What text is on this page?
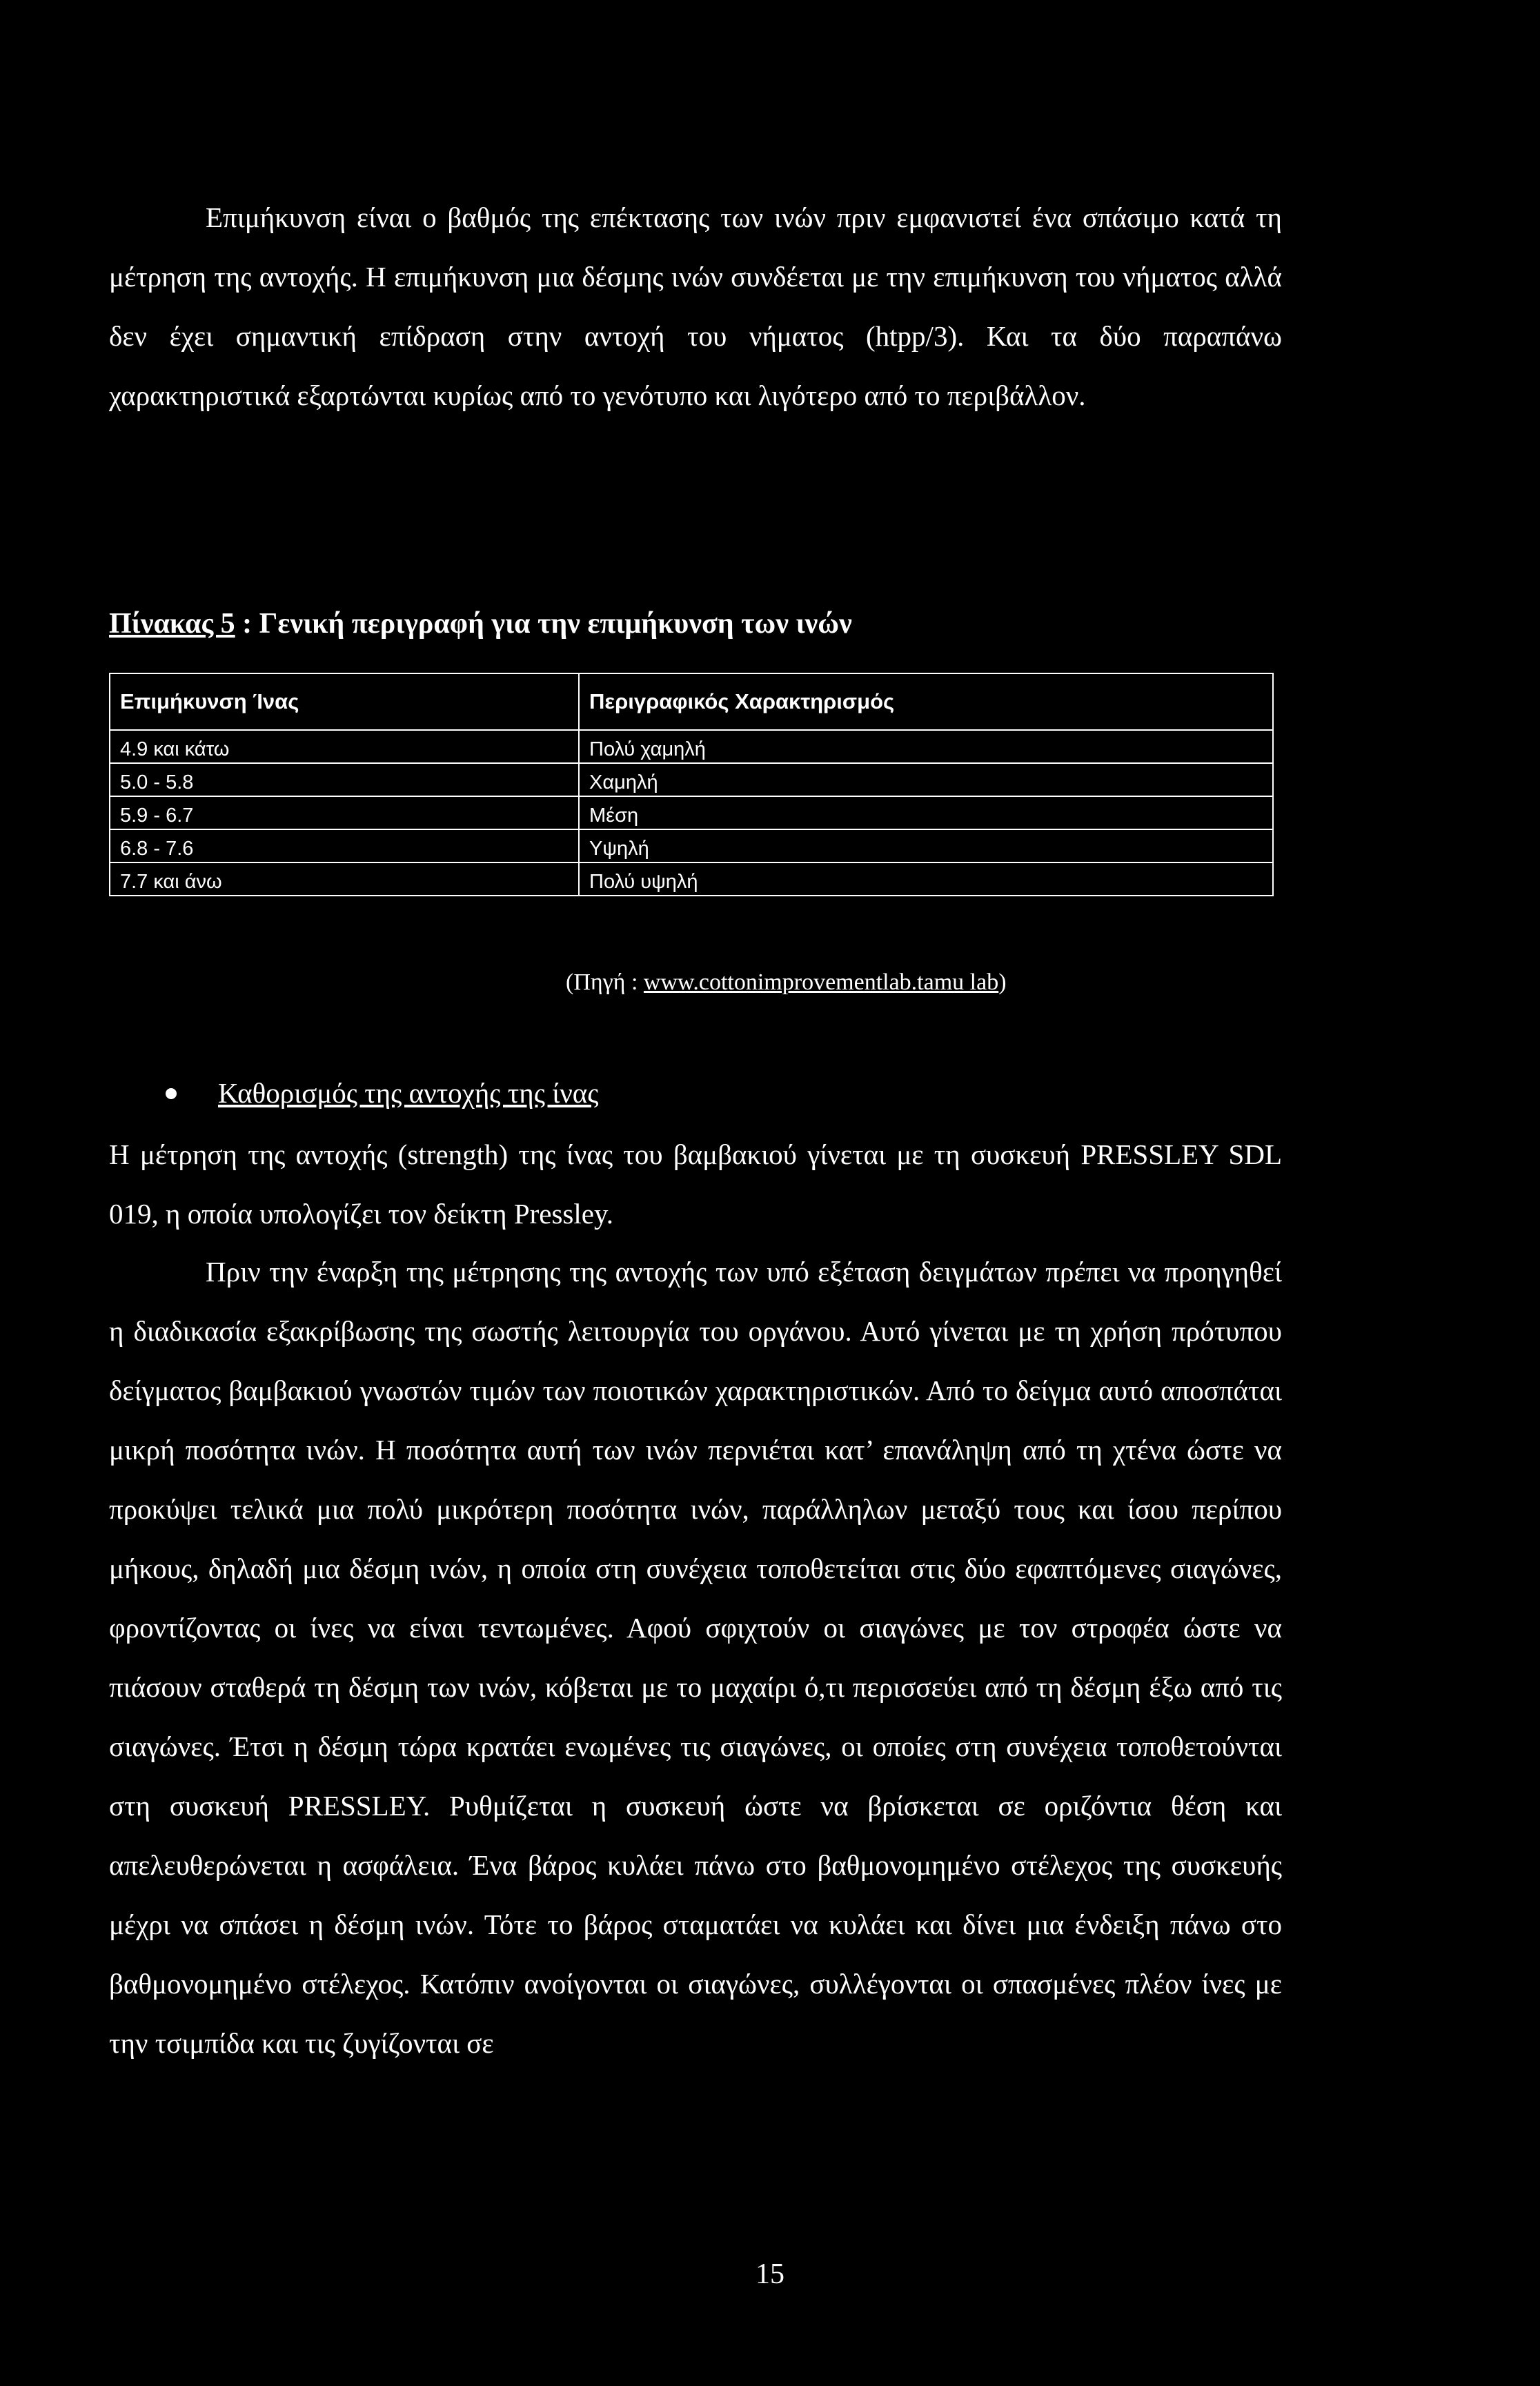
Επιμήκυνση είναι ο βαθμός της επέκτασης των ινών πριν εμφανιστεί ένα σπάσιμο κατά τη μέτρηση της αντοχής. Η επιμήκυνση μια δέσμης ινών συνδέεται με την επιμήκυνση του νήματος αλλά δεν έχει σημαντική επίδραση στην αντοχή του νήματος (htpp/3). Και τα δύο παραπάνω χαρακτηριστικά εξαρτώνται κυρίως από το γενότυπο και λιγότερο από το περιβάλλον.

Πίνακας 5 : Γενική περιγραφή για την επιμήκυνση των ινών

Επιμήκυνση Ίνας	Περιγραφικός Χαρακτηρισμός
4.9 και κάτω	Πολύ χαμηλή
5.0 - 5.8	Χαμηλή
5.9 - 6.7	Μέση
6.8 - 7.6	Υψηλή
7.7 και άνω	Πολύ υψηλή

(Πηγή : www.cottonimprovementlab.tamu lab)

Καθορισμός της αντοχής της ίνας

Η μέτρηση της αντοχής (strength) της ίνας του βαμβακιού γίνεται με τη συσκευή PRESSLEY SDL 019, η οποία υπολογίζει τον δείκτη Pressley.

Πριν την έναρξη της μέτρησης της αντοχής των υπό εξέταση δειγμάτων πρέπει να προηγηθεί η διαδικασία εξακρίβωσης της σωστής λειτουργία του οργάνου. Αυτό γίνεται με τη χρήση πρότυπου δείγματος βαμβακιού γνωστών τιμών των ποιοτικών χαρακτηριστικών. Από το δείγμα αυτό αποσπάται μικρή ποσότητα ινών. Η ποσότητα αυτή των ινών περνιέται κατ’ επανάληψη από τη χτένα ώστε να προκύψει τελικά μια πολύ μικρότερη ποσότητα ινών, παράλληλων μεταξύ τους και ίσου περίπου μήκους, δηλαδή μια δέσμη ινών, η οποία στη συνέχεια τοποθετείται στις δύο εφαπτόμενες σιαγώνες, φροντίζοντας οι ίνες να είναι τεντωμένες. Αφού σφιχτούν οι σιαγώνες με τον στροφέα ώστε να πιάσουν σταθερά τη δέσμη των ινών, κόβεται με το μαχαίρι ό,τι περισσεύει από τη δέσμη έξω από τις σιαγώνες. Έτσι η δέσμη τώρα κρατάει ενωμένες τις σιαγώνες, οι οποίες στη συνέχεια τοποθετούνται στη συσκευή PRESSLEY. Ρυθμίζεται η συσκευή ώστε να βρίσκεται σε οριζόντια θέση και απελευθερώνεται η ασφάλεια. Ένα βάρος κυλάει πάνω στο βαθμονομημένο στέλεχος της συσκευής μέχρι να σπάσει η δέσμη ινών. Τότε το βάρος σταματάει να κυλάει και δίνει μια ένδειξη πάνω στο βαθμονομημένο στέλεχος. Κατόπιν ανοίγονται οι σιαγώνες, συλλέγονται οι σπασμένες πλέον ίνες με την τσιμπίδα και τις ζυγίζονται σε

15
